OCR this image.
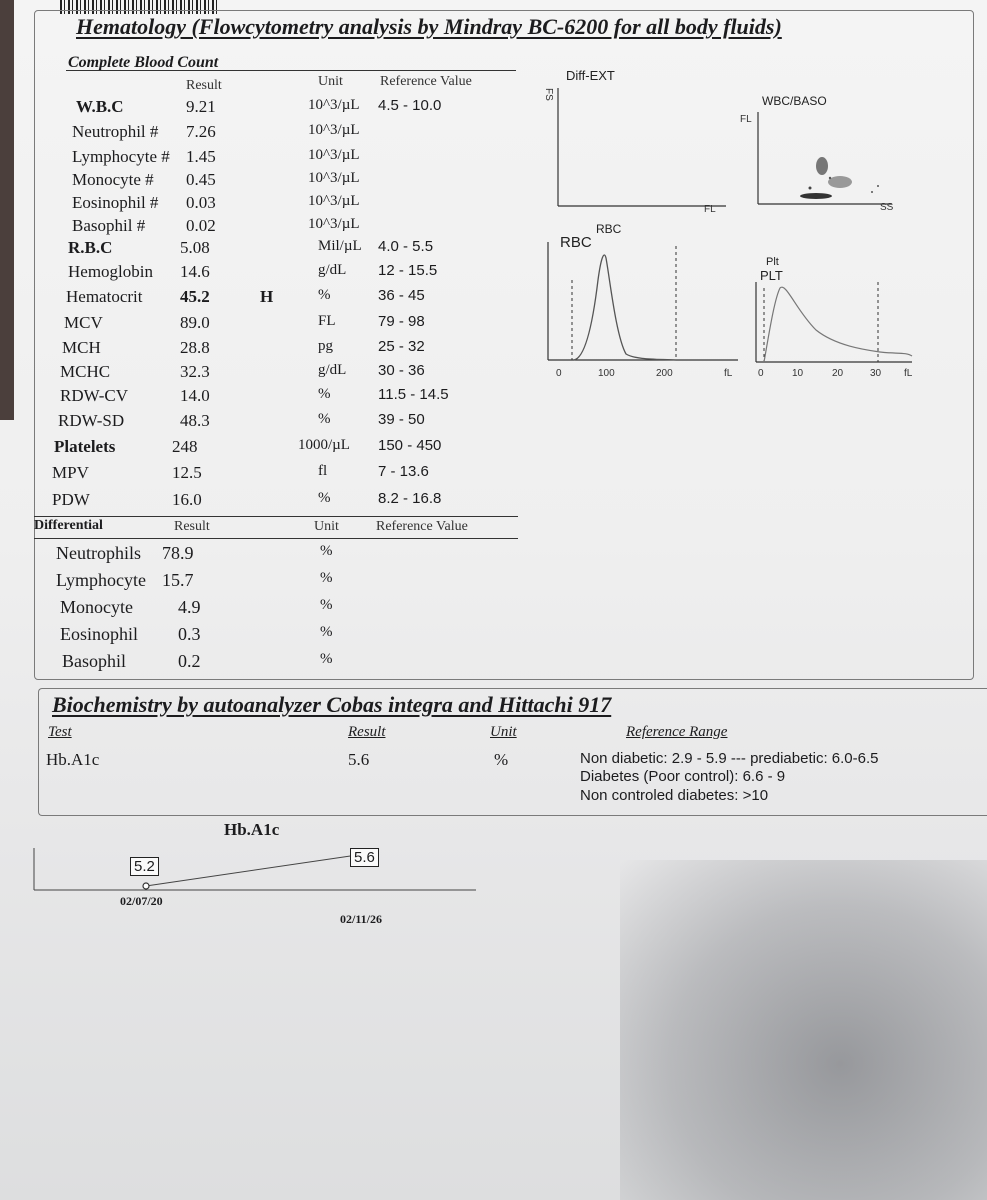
Hematology (Flowcytometry analysis by Mindray BC-6200 for all body fluids)
Complete Blood Count
Result	Unit	Reference Value
W.B.C	9.21	10^3/µL 4.5 - 10.0
Neutrophil # 7.26	10^3/µL
Lymphocyte # 1.45	10^3/µL
Monocyte # 0.45	10^3/µL
Eosinophil # 0.03	10^3/µL
Basophil # 0.02	10^3/µL
R.B.C	5.08	Mil/µL 4.0 - 5.5
Hemoglobin 14.6	g/dL 12 - 15.5
Hematocrit 45.2	H	%	36 - 45
MCV	89.0	FL	79 - 98
MCH	28.8	pg	25 - 32
MCHC	32.3	g/dL 30 - 36
RDW-CV	14.0	%	11.5 - 14.5
RDW-SD	48.3	%	39 - 50
Platelets	248	1000/µL 150 - 450
MPV	12.5	fl	7 - 13.6
PDW	16.0	%	8.2 - 16.8
Differential	Result	Unit	Reference Value
Neutrophils 78.9	%
Lymphocyte 15.7	%
Monocyte	4.9	%
Eosinophil 0.3	%
Basophil	0.2	%
Diff-EXT
FS
FL
WBC/BASO
FL
SS
RBC
RBC
0	100	200	fL
Plt
PLT
0	10	20	30 fL
Biochemistry by autoanalyzer Cobas integra and Hittachi 917
Test	Result	Unit	Reference Range
Hb.A1c	5.6	%	Non diabetic: 2.9 - 5.9 --- prediabetic: 6.0-6.5
Diabetes (Poor control): 6.6 - 9
Non controled diabetes: >10
Hb.A1c
5.2
5.6
02/07/20
02/11/26
